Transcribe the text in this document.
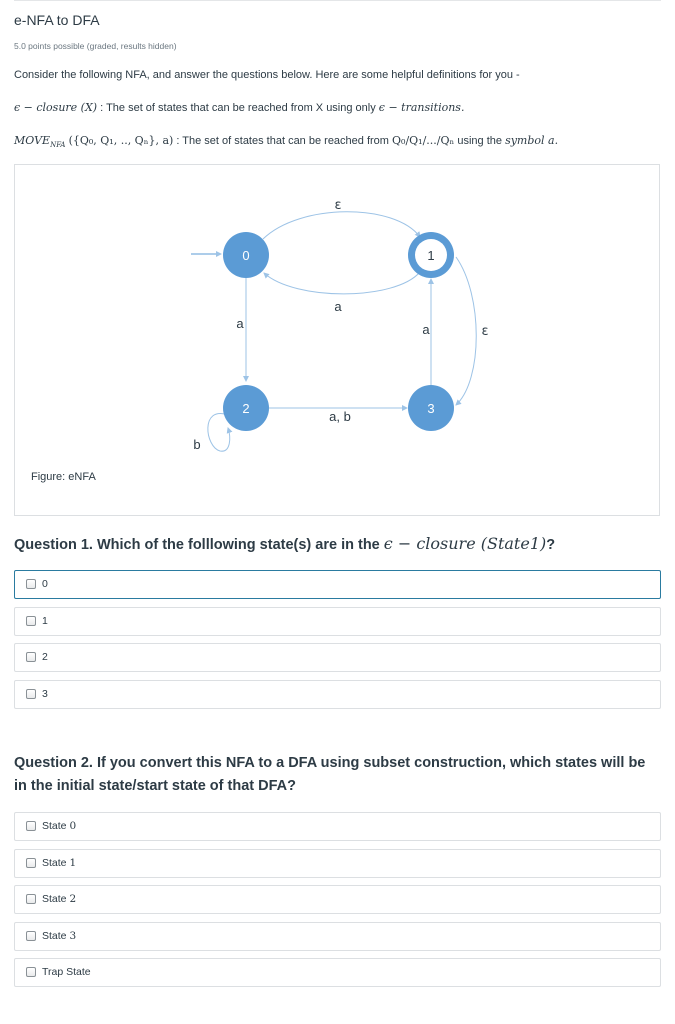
e-NFA to DFA
5.0 points possible (graded, results hidden)
Consider the following NFA, and answer the questions below. Here are some helpful definitions for you -
ϵ − closure (X) : The set of states that can be reached from X using only ϵ − transitions.
$MOVE_{NFA}$ ({Q₀, Q₁, .., Qₙ}, a) : The set of states that can be reached from Q₀/Q₁/.../Qₙ using the symbol a.
0	1
2	3
ε
a
a	a	ε
a, b
b
Figure: eNFA
Question 1. Which of the folllowing state(s) are in the ϵ − closure (State1)?
0
1
2
3
Question 2. If you convert this NFA to a DFA using subset construction, which states will be in the initial state/start state of that DFA?
State 0
State 1
State 2
State 3
Trap State
